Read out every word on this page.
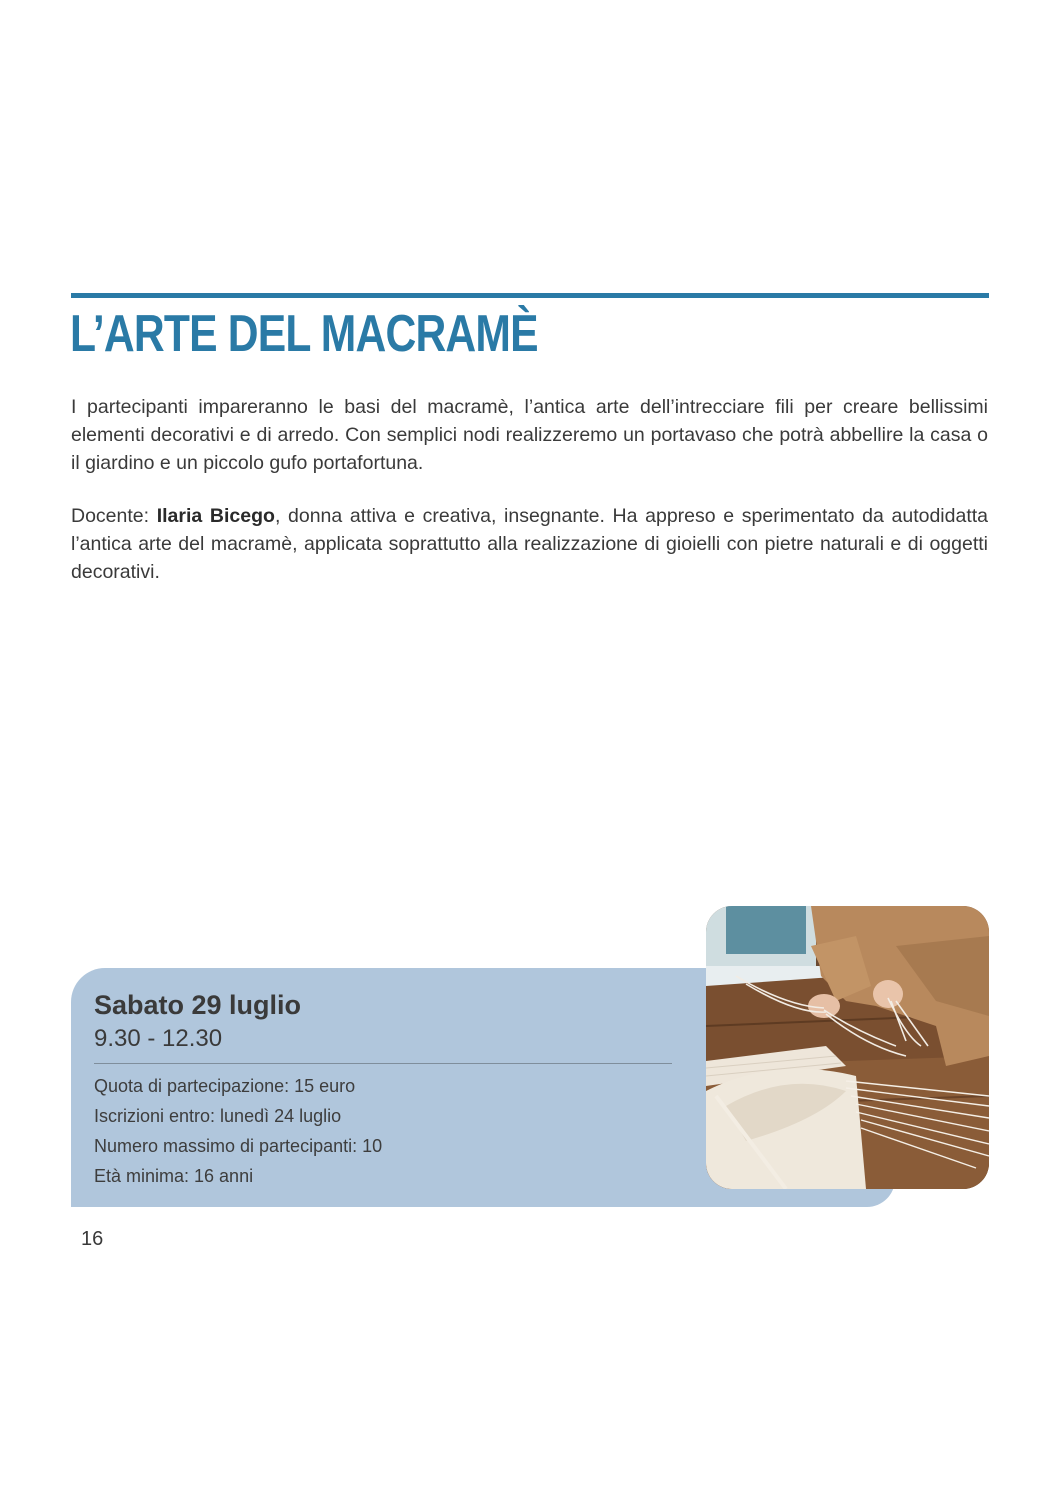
L’ARTE DEL MACRAMÈ

I partecipanti impareranno le basi del macramè, l’antica arte dell’intrecciare fili per creare bellissimi elementi decorativi e di arredo. Con semplici nodi realizzeremo un portavaso che potrà abbellire la casa o il giardino e un piccolo gufo portafortuna.

Docente: Ilaria Bicego, donna attiva e creativa, insegnante. Ha appreso e sperimentato da autodidatta l’antica arte del macramè, applicata soprattutto alla realizzazione di gioielli con pietre naturali e di oggetti decorativi.

Sabato 29 luglio

9.30 - 12.30

Quota di partecipazione: 15 euro
Iscrizioni entro: lunedì 24 luglio
Numero massimo di partecipanti: 10
Età minima: 16 anni

16
